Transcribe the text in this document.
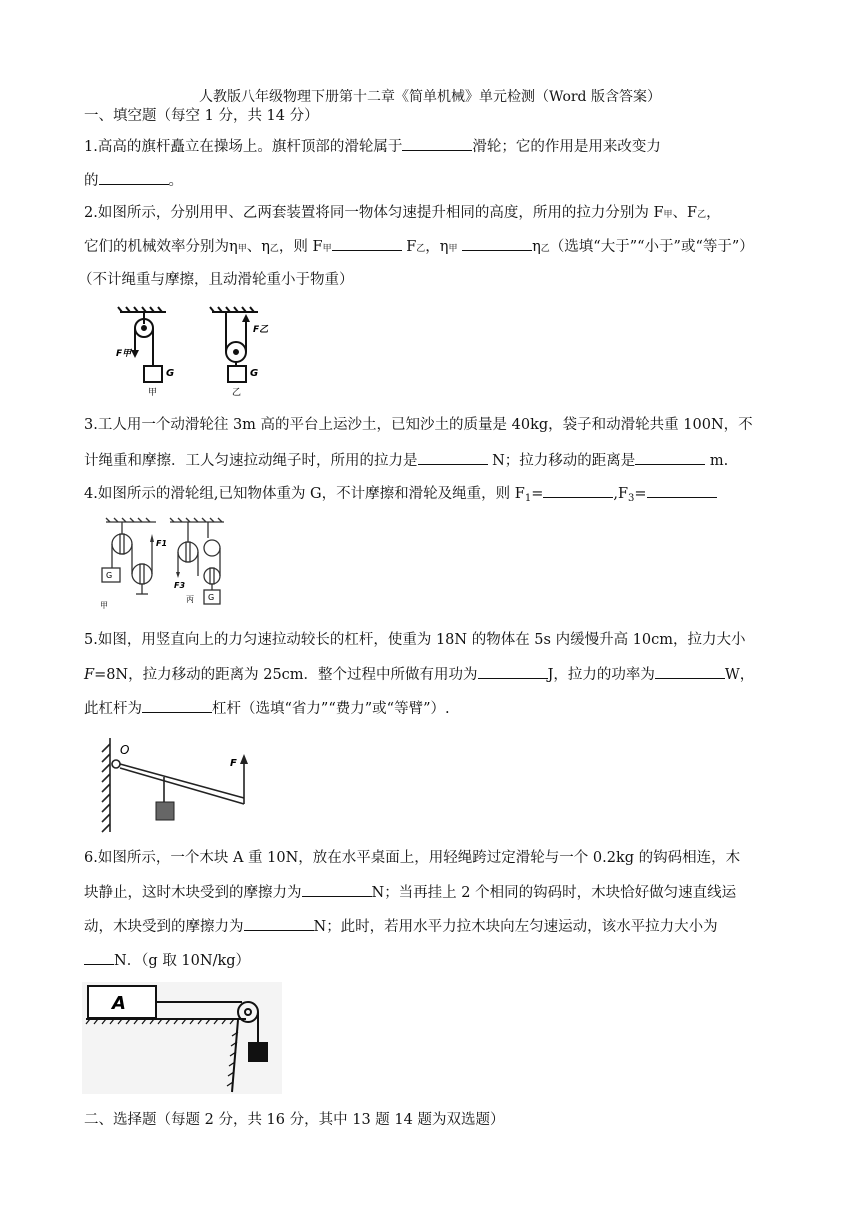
人教版八年级物理下册第十二章《简单机械》单元检测（Word 版含答案）
一、填空题（每空 1 分，共 14 分）
1.高高的旗杆矗立在操场上。旗杆顶部的滑轮属于	滑轮；它的作用是用来改变力
的	。
2.如图所示，分别用甲、乙两套装置将同一物体匀速提升相同的高度，所用的拉力分别为 F甲、F乙，
它们的机械效率分别为η甲、η乙，则 F甲	F乙，η甲	η乙（选填“大于”“小于”或“等于”）
（不计绳重与摩擦，且动滑轮重小于物重）
F甲
G
甲
F乙
G
乙
3.工人用一个动滑轮往 3m 高的平台上运沙土，已知沙土的质量是 40kg，袋子和动滑轮共重 100N，不
计绳重和摩擦．工人匀速拉动绳子时，所用的拉力是	N；拉力移动的距离是	m.
4.如图所示的滑轮组,已知物体重为 G，不计摩擦和滑轮及绳重，则 $F_1=$	$,F_3=$
F1
G
甲
F3
丙 G
5.如图，用竖直向上的力匀速拉动较长的杠杆，使重为 18N 的物体在 5s 内缓慢升高 10cm，拉力大小
F=8N，拉力移动的距离为 25cm．整个过程中所做有用功为	J，拉力的功率为	W，
此杠杆为	杠杆（选填“省力”“费力”或“等臂”）.
O
F
6.如图所示，一个木块 A 重 10N，放在水平桌面上，用轻绳跨过定滑轮与一个 0.2kg 的钩码相连，木
块静止，这时木块受到的摩擦力为	N；当再挂上 2 个相同的钩码时，木块恰好做匀速直线运
动，木块受到的摩擦力为	N；此时，若用水平力拉木块向左匀速运动，该水平拉力大小为
N．（g 取 10N/kg）
A
二、选择题（每题 2 分，共 16 分，其中 13 题 14 题为双选题）
